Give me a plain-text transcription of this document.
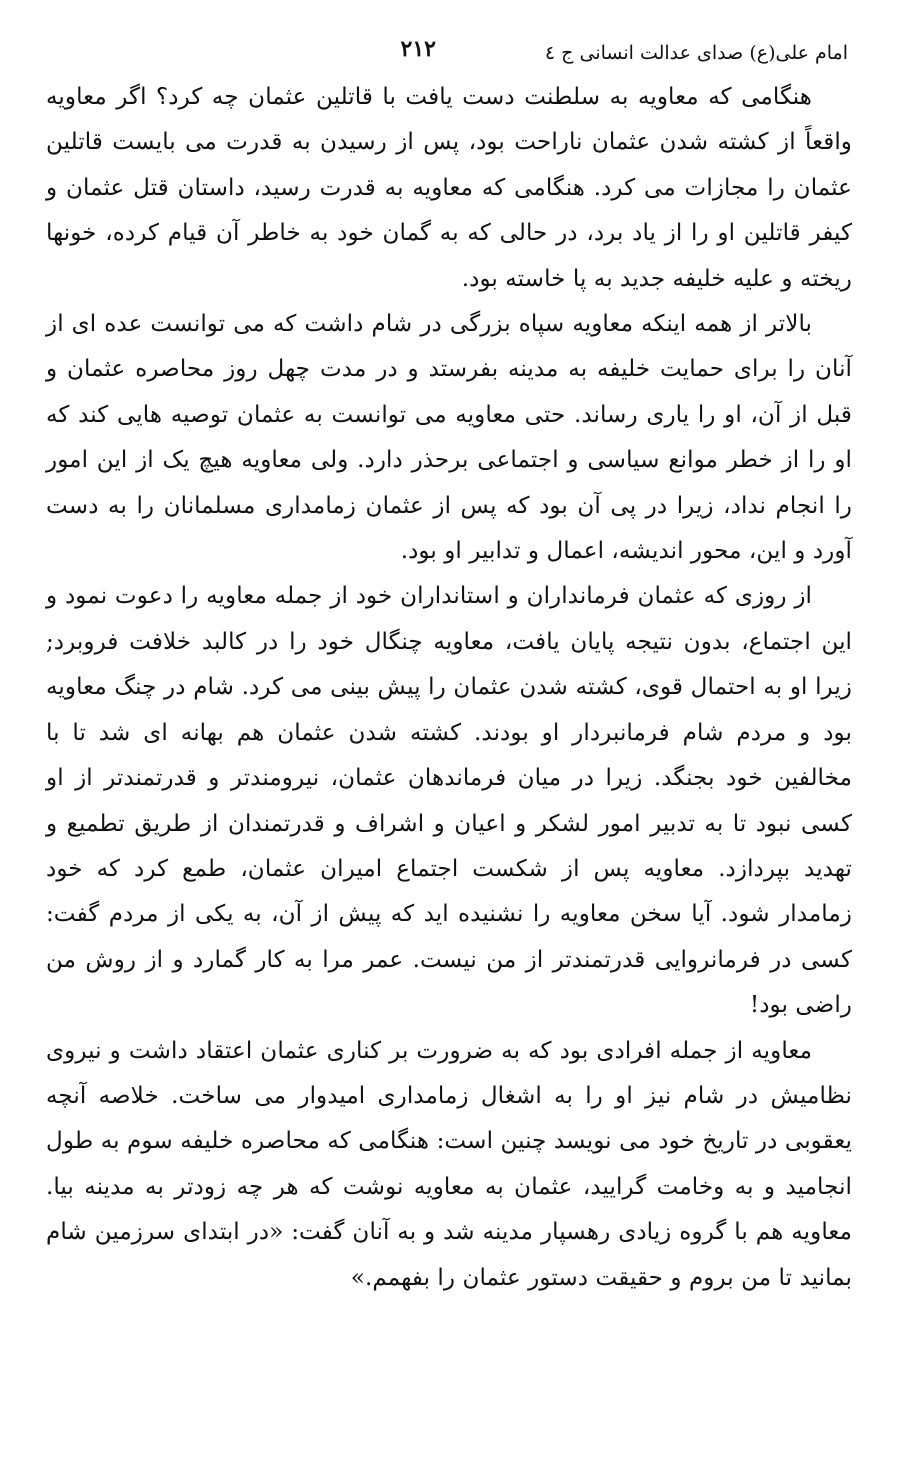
امام علی(ع) صدای عدالت انسانی ج ٤
٢١٢

هنگامی که معاویه به سلطنت دست یافت با قاتلین عثمان چه کرد؟ اگر معاویه واقعاً از کشته شدن عثمان ناراحت بود، پس از رسیدن به قدرت می بایست قاتلین عثمان را مجازات می کرد. هنگامی که معاویه به قدرت رسید، داستان قتل عثمان و کیفر قاتلین او را از یاد برد، در حالی که به گمان خود به خاطر آن قیام کرده، خونها ریخته و علیه خلیفه جدید به پا خاسته بود.

بالاتر از همه اینکه معاویه سپاه بزرگی در شام داشت که می توانست عده ای از آنان را برای حمایت خلیفه به مدینه بفرستد و در مدت چهل روز محاصره عثمان و قبل از آن، او را یاری رساند. حتی معاویه می توانست به عثمان توصیه هایی کند که او را از خطر موانع سیاسی و اجتماعی برحذر دارد. ولی معاویه هیچ یک از این امور را انجام نداد، زیرا در پی آن بود که پس از عثمان زمامداری مسلمانان را به دست آورد و این، محور اندیشه، اعمال و تدابیر او بود.

از روزی که عثمان فرمانداران و استانداران خود از جمله معاویه را دعوت نمود و این اجتماع، بدون نتیجه پایان یافت، معاویه چنگال خود را در کالبد خلافت فروبرد; زیرا او به احتمال قوی، کشته شدن عثمان را پیش بینی می کرد. شام در چنگ معاویه بود و مردم شام فرمانبردار او بودند. کشته شدن عثمان هم بهانه ای شد تا با مخالفین خود بجنگد. زیرا در میان فرماندهان عثمان، نیرومندتر و قدرتمندتر از او کسی نبود تا به تدبیر امور لشکر و اعیان و اشراف و قدرتمندان از طریق تطمیع و تهدید بپردازد. معاویه پس از شکست اجتماع امیران عثمان، طمع کرد که خود زمامدار شود. آیا سخن معاویه را نشنیده اید که پیش از آن، به یکی از مردم گفت: کسی در فرمانروایی قدرتمندتر از من نیست. عمر مرا به کار گمارد و از روش من راضی بود!

معاویه از جمله افرادی بود که به ضرورت بر کناری عثمان اعتقاد داشت و نیروی نظامیش در شام نیز او را به اشغال زمامداری امیدوار می ساخت. خلاصه آنچه یعقوبی در تاریخ خود می نویسد چنین است: هنگامی که محاصره خلیفه سوم به طول انجامید و به وخامت گرایید، عثمان به معاویه نوشت که هر چه زودتر به مدینه بیا. معاویه هم با گروه زیادی رهسپار مدینه شد و به آنان گفت: «در ابتدای سرزمین شام بمانید تا من بروم و حقیقت دستور عثمان را بفهمم.»
